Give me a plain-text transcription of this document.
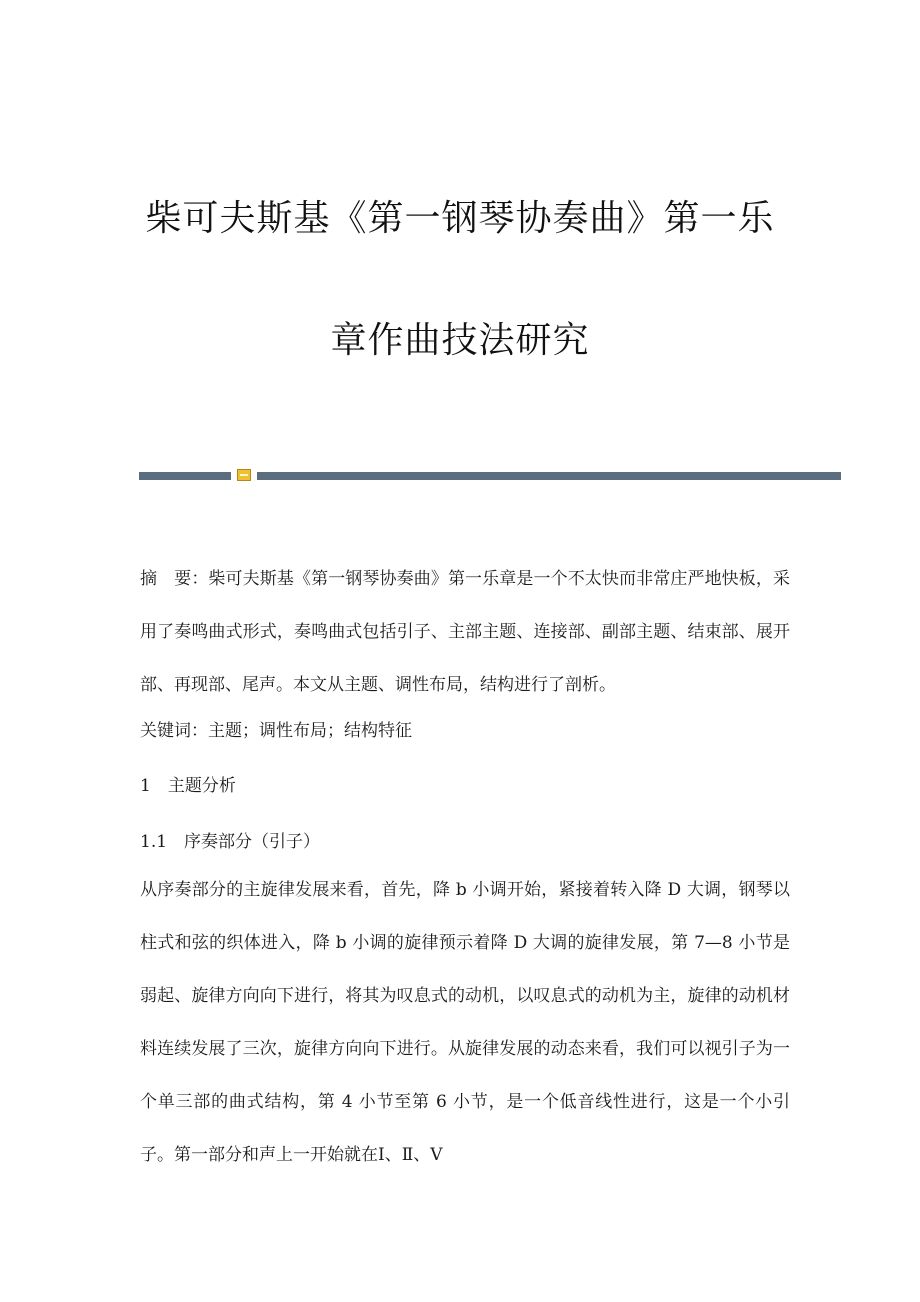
柴可夫斯基《第一钢琴协奏曲》第一乐
章作曲技法研究

摘　要：柴可夫斯基《第一钢琴协奏曲》第一乐章是一个不太快而非常庄严地快板，采用了奏鸣曲式形式，奏鸣曲式包括引子、主部主题、连接部、副部主题、结束部、展开部、再现部、尾声。本文从主题、调性布局，结构进行了剖析。

关键词：主题；调性布局；结构特征

1　主题分析

1.1　序奏部分（引子）

从序奏部分的主旋律发展来看，首先，降 b 小调开始，紧接着转入降 D 大调，钢琴以柱式和弦的织体进入，降 b 小调的旋律预示着降 D 大调的旋律发展，第 7—8 小节是弱起、旋律方向向下进行，将其为叹息式的动机，以叹息式的动机为主，旋律的动机材料连续发展了三次，旋律方向向下进行。从旋律发展的动态来看，我们可以视引子为一个单三部的曲式结构，第 4 小节至第 6 小节，是一个低音线性进行，这是一个小引子。第一部分和声上一开始就在Ⅰ、Ⅱ、Ⅴ
